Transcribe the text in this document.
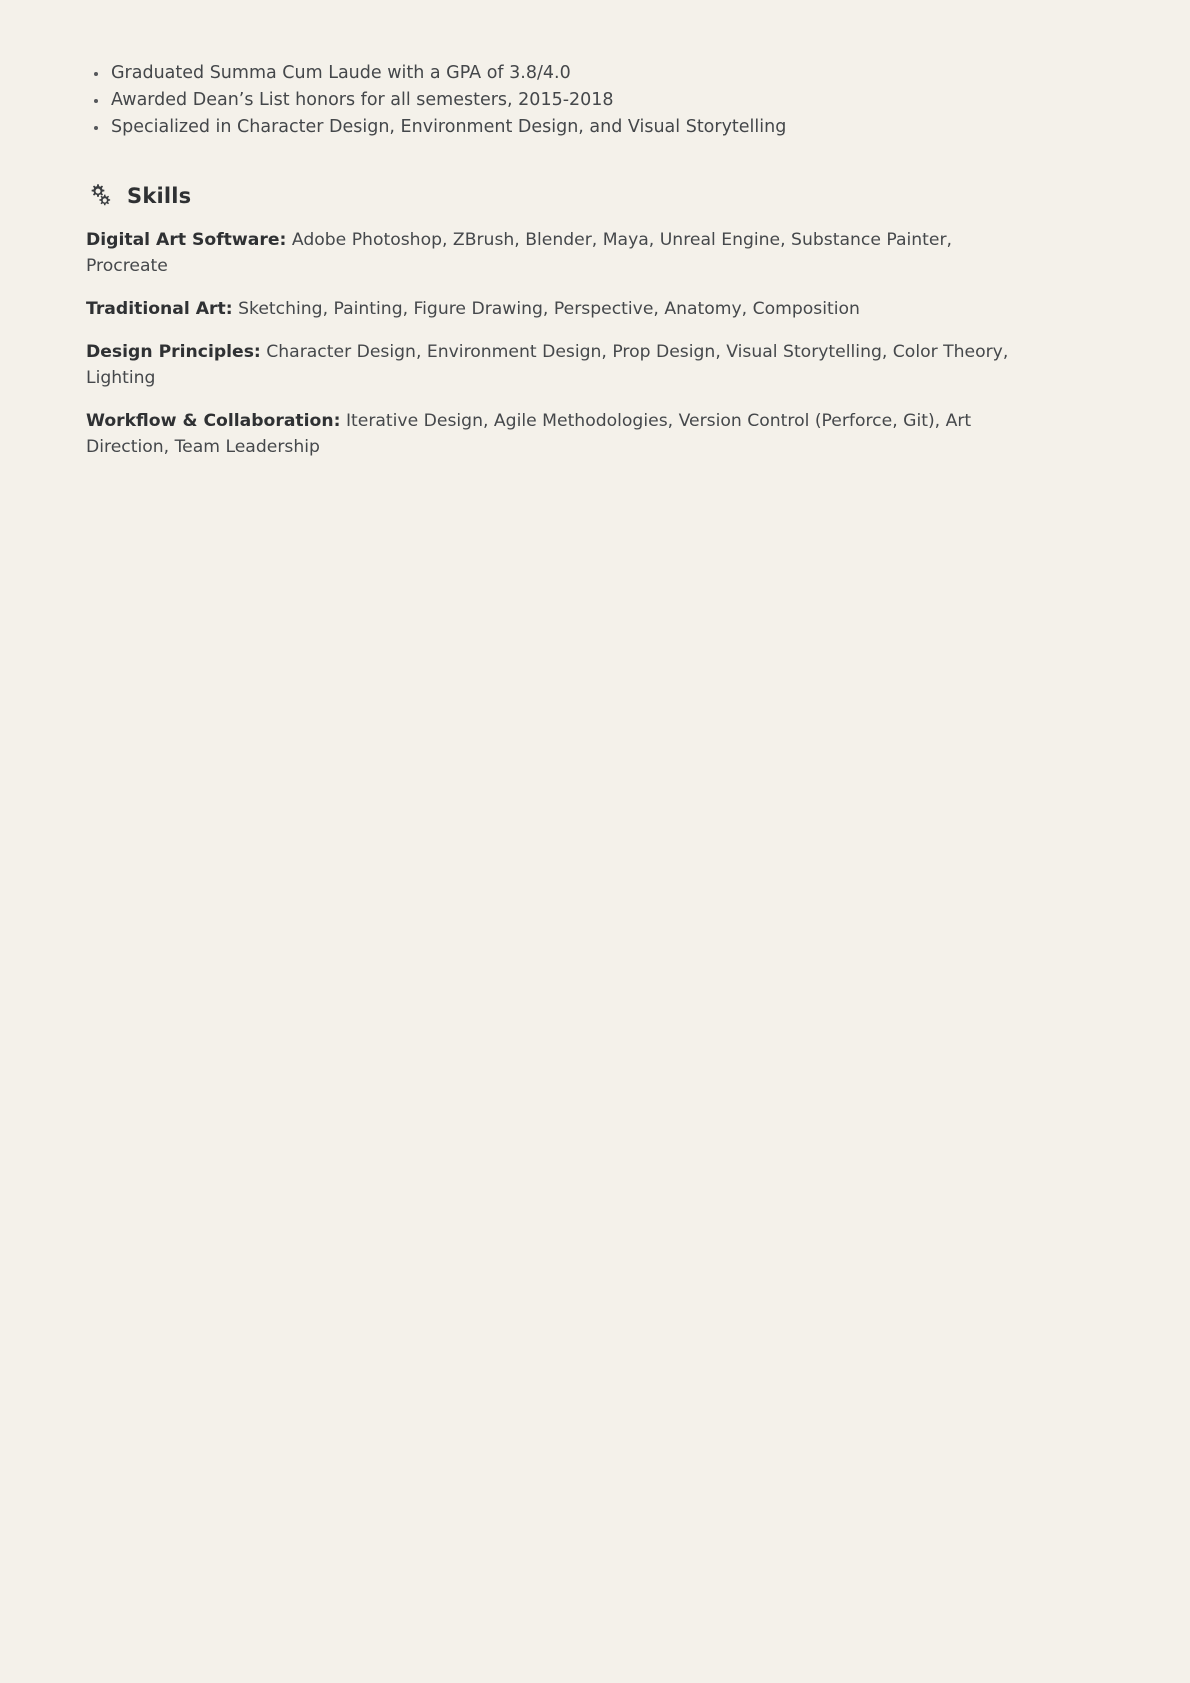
Graduated Summa Cum Laude with a GPA of 3.8/4.0
Awarded Dean’s List honors for all semesters, 2015-2018
Specialized in Character Design, Environment Design, and Visual Storytelling
Skills

Digital Art Software: Adobe Photoshop, ZBrush, Blender, Maya, Unreal Engine, Substance Painter, Procreate

Traditional Art: Sketching, Painting, Figure Drawing, Perspective, Anatomy, Composition

Design Principles: Character Design, Environment Design, Prop Design, Visual Storytelling, Color Theory, Lighting

Workflow & Collaboration: Iterative Design, Agile Methodologies, Version Control (Perforce, Git), Art Direction, Team Leadership
